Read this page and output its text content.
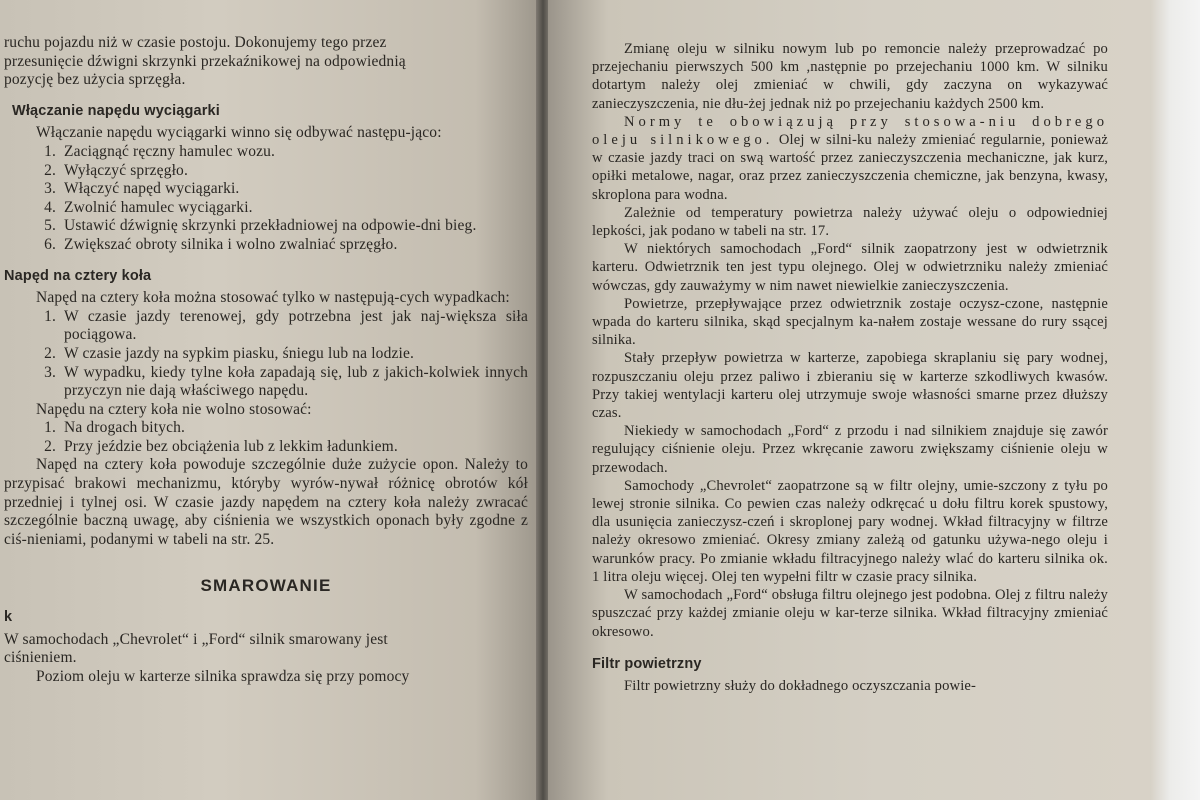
ruchu pojazdu niż w czasie postoju. Dokonujemy tego przez

przesunięcie dźwigni skrzynki przekaźnikowej na odpowiednią

pozycję bez użycia sprzęgła.

Włączanie napędu wyciągarki

Włączanie napędu wyciągarki winno się odbywać następu-jąco:

1. Zaciągnąć ręczny hamulec wozu.
2. Wyłączyć sprzęgło.
3. Włączyć napęd wyciągarki.
4. Zwolnić hamulec wyciągarki.
5. Ustawić dźwignię skrzynki przekładniowej na odpowie-dni bieg.
6. Zwiększać obroty silnika i wolno zwalniać sprzęgło.
Napęd na cztery koła

Napęd na cztery koła można stosować tylko w następują-cych wypadkach:

1. W czasie jazdy terenowej, gdy potrzebna jest jak naj-większa siła pociągowa.
2. W czasie jazdy na sypkim piasku, śniegu lub na lodzie.
3. W wypadku, kiedy tylne koła zapadają się, lub z jakich-kolwiek innych przyczyn nie dają właściwego napędu.

Napędu na cztery koła nie wolno stosować:

1. Na drogach bitych.
2. Przy jeździe bez obciążenia lub z lekkim ładunkiem.

Napęd na cztery koła powoduje szczególnie duże zużycie opon. Należy to przypisać brakowi mechanizmu, któryby wyrów-nywał różnicę obrotów kół przedniej i tylnej osi. W czasie jazdy napędem na cztery koła należy zwracać szczególnie baczną uwagę, aby ciśnienia we wszystkich oponach były zgodne z ciś-nieniami, podanymi w tabeli na str. 25.

SMAROWANIE
k

W samochodach „Chevrolet“ i „Ford“ silnik smarowany jest

ciśnieniem.

Poziom oleju w karterze silnika sprawdza się przy pomocy

Zmianę oleju w silniku nowym lub po remoncie należy przeprowadzać po przejechaniu pierwszych 500 km ,następnie po przejechaniu 1000 km. W silniku dotartym należy olej zmieniać w chwili, gdy zaczyna on wykazywać zanieczyszczenia, nie dłu-żej jednak niż po przejechaniu każdych 2500 km.

Normy te obowiązują przy stosowa-niu dobrego oleju silnikowego. Olej w silni-ku należy zmieniać regularnie, ponieważ w czasie jazdy traci on swą wartość przez zanieczyszczenia mechaniczne, jak kurz, opiłki metalowe, nagar, oraz przez zanieczyszczenia chemiczne, jak benzyna, kwasy, skroplona para wodna.

Zależnie od temperatury powietrza należy używać oleju o odpowiedniej lepkości, jak podano w tabeli na str. 17.

W niektórych samochodach „Ford“ silnik zaopatrzony jest w odwietrznik karteru. Odwietrznik ten jest typu olejnego. Olej w odwietrzniku należy zmieniać wówczas, gdy zauważymy w nim nawet niewielkie zanieczyszczenia.

Powietrze, przepływające przez odwietrznik zostaje oczysz-czone, następnie wpada do karteru silnika, skąd specjalnym ka-nałem zostaje wessane do rury ssącej silnika.

Stały przepływ powietrza w karterze, zapobiega skraplaniu się pary wodnej, rozpuszczaniu oleju przez paliwo i zbieraniu się w karterze szkodliwych kwasów. Przy takiej wentylacji karteru olej utrzymuje swoje własności smarne przez dłuższy czas.

Niekiedy w samochodach „Ford“ z przodu i nad silnikiem znajduje się zawór regulujący ciśnienie oleju. Przez wkręcanie zaworu zwiększamy ciśnienie oleju w przewodach.

Samochody „Chevrolet“ zaopatrzone są w filtr olejny, umie-szczony z tyłu po lewej stronie silnika. Co pewien czas należy odkręcać u dołu filtru korek spustowy, dla usunięcia zanieczysz-czeń i skroplonej pary wodnej. Wkład filtracyjny w filtrze należy okresowo zmieniać. Okresy zmiany zależą od gatunku używa-nego oleju i warunków pracy. Po zmianie wkładu filtracyjnego należy wlać do karteru silnika ok. 1 litra oleju więcej. Olej ten wypełni filtr w czasie pracy silnika.

W samochodach „Ford“ obsługa filtru olejnego jest podobna. Olej z filtru należy spuszczać przy każdej zmianie oleju w kar-terze silnika. Wkład filtracyjny zmieniać okresowo.

Filtr powietrzny

Filtr powietrzny służy do dokładnego oczyszczania powie-
